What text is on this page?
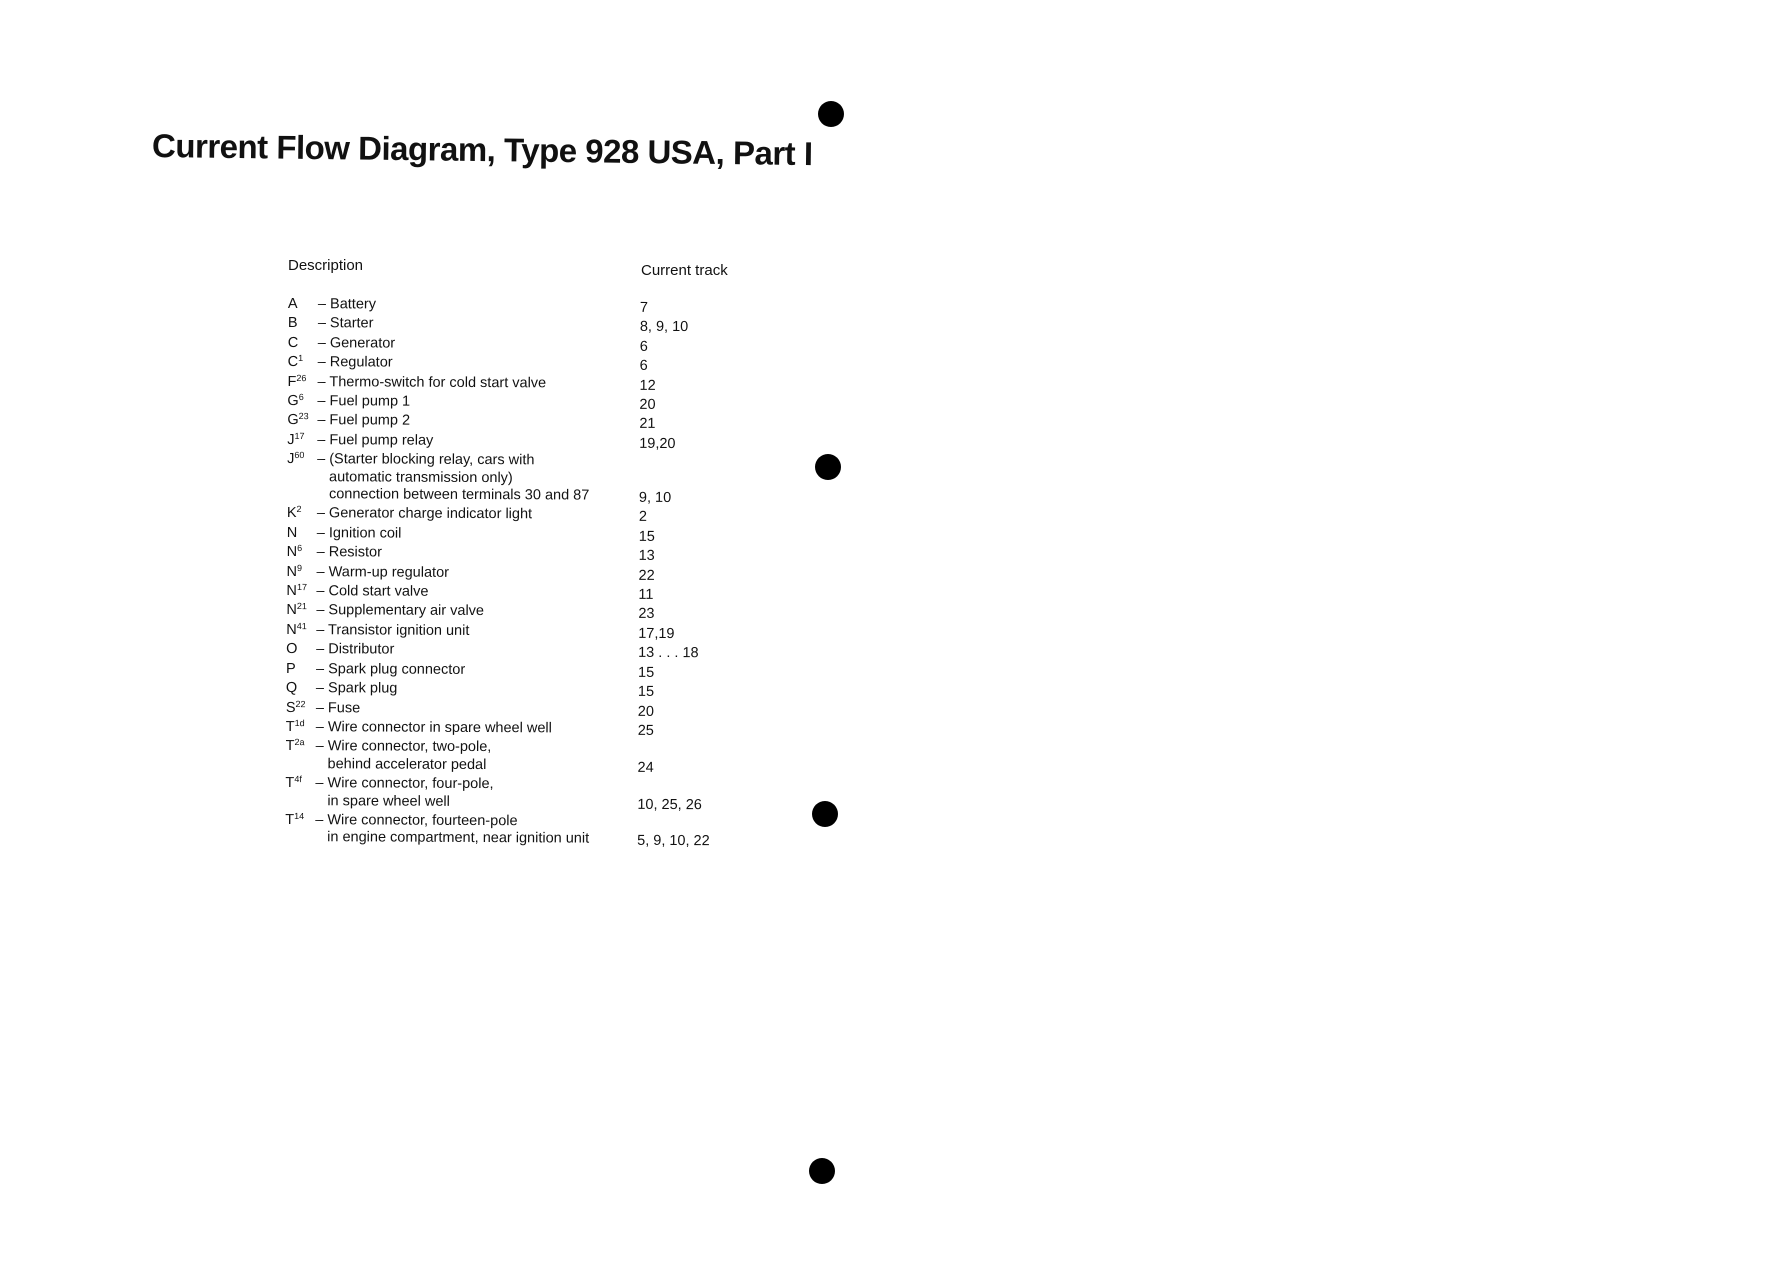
Current Flow Diagram, Type 928 USA, Part I
Description	Current track
A	– Battery	7
B	– Starter	8, 9, 10
C	– Generator	6
$C^1$ – Regulator	6
$F^{26}$ – Thermo-switch for cold start valve	12
$G^6$ – Fuel pump 1	20
$G^{23}$ – Fuel pump 2	21
$J^{17}$ – Fuel pump relay	19,20
$J^{60}$ – (Starter blocking relay, cars with
automatic transmission only)
connection between terminals 30 and 87	9, 10
$K^2$	– Generator charge indicator light	2
N	– Ignition coil	15
$N^6$ – Resistor	13
$N^9$ – Warm-up regulator	22
$N^{17}$ – Cold start valve	11
$N^{21}$ – Supplementary air valve	23
$N^{41}$ – Transistor ignition unit	17,19
O	– Distributor	13 . . . 18
P	– Spark plug connector	15
Q	– Spark plug	15
$S^{22}$ – Fuse	20
$T^{1d}$ – Wire connector in spare wheel well	25
$T^{2a}$ – Wire connector, two-pole,
behind accelerator pedal	24
$T^{4f}$ – Wire connector, four-pole,
in spare wheel well	10, 25, 26
$T^{14}$ – Wire connector, fourteen-pole
in engine compartment, near ignition unit	5, 9, 10, 22
